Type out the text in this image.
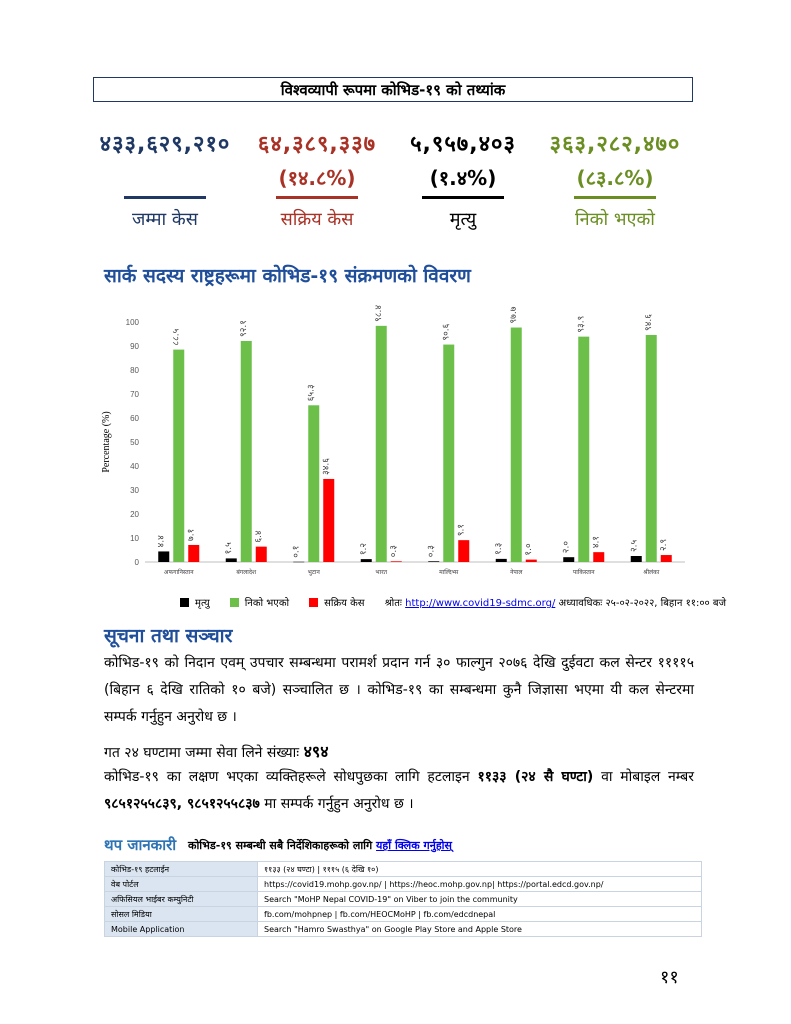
विश्वव्यापी रूपमा कोभिड-१९ को तथ्यांक
४३३,६२९,२१०
जम्मा केस
६४,३८९,३३७
(१४.८%)
सक्रिय केस
५,९५७,४०३
(१.४%)
मृत्यु
३६३,२८२,४७०
(८३.८%)
निको भएको
सार्क सदस्य राष्ट्रहरूमा कोभिड-१९ संक्रमणको विवरण
0
10
20
30
40
50
60
70
80
90
100
Percentage (%)
४.४
८८.५
७.१
अफगानिस्तान
१.५
९२.१
६.४
बंगलादेश
०.१
६५.३
३४.६
भुटान
१.२
९८.४
०.३
भारत
०.३
९०.६
९.१
माल्दिभ्स
१.३
९७.७
१.०
नेपाल
२.०
९३.९
४.१
पाकिस्तान
२.५
९४.६
२.९
श्रीलंका
मृत्यु	निको भएको	सक्रिय केस श्रोतः http://www.covid19-sdmc.org/ अध्यावधिकः २५-०२-२०२२, बिहान ११:०० बजे
सूचना तथा सञ्चार
कोभिड-१९ को निदान एवम् उपचार सम्बन्धमा परामर्श प्रदान गर्न ३० फाल्गुन २०७६ देखि दुईवटा कल सेन्टर ११११५ (बिहान ६ देखि रातिको १० बजे) सञ्चालित छ । कोभिड-१९ का सम्बन्धमा कुनै जिज्ञासा भएमा यी कल सेन्टरमा सम्पर्क गर्नुहुन अनुरोध छ ।
गत २४ घण्टामा जम्मा सेवा लिने संख्याः ४९४
कोभिड-१९ का लक्षण भएका व्यक्तिहरूले सोधपुछका लागि हटलाइन ११३३ (२४ सै घण्टा) वा मोबाइल नम्बर ९८५१२५५८३९, ९८५१२५५८३७ मा सम्पर्क गर्नुहुन अनुरोध छ ।
थप जानकारी कोभिड-१९ सम्बन्धी सबै निर्देशिकाहरूको लागि यहाँ क्लिक गर्नुहोस्
कोभिड-१९ हटलाईन	११३३ (२४ घण्टा) | १११५ (६ देखि १०)
वेब पोर्टल	https://covid19.mohp.gov.np/ | https://heoc.mohp.gov.np| https://portal.edcd.gov.np/
अफिसियल भाईबर कम्युनिटी	Search "MoHP Nepal COVID-19" on Viber to join the community
सोसल मिडिया	fb.com/mohpnep | fb.com/HEOCMoHP | fb.com/edcdnepal
Mobile Application	Search "Hamro Swasthya" on Google Play Store and Apple Store
११
